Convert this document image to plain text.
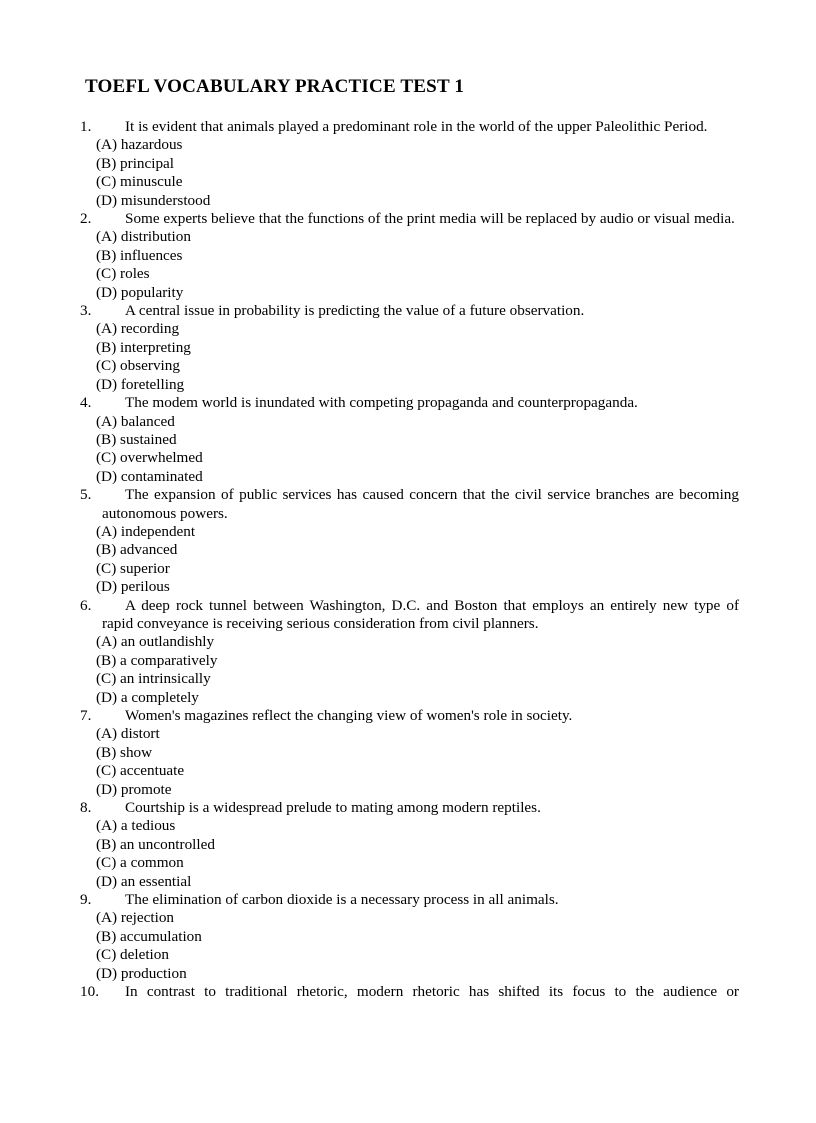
TOEFL VOCABULARY PRACTICE TEST 1
1.	It is evident that animals played a predominant role in the world of the upper Paleolithic Period.
(A) hazardous
(B) principal
(C) minuscule
(D) misunderstood
2.	Some experts believe that the functions of the print media will be replaced by audio or visual media.
(A) distribution
(B) influences
(C) roles
(D) popularity
3.	A central issue in probability is predicting the value of a future observation.
(A) recording
(B) interpreting
(C) observing
(D) foretelling
4.	The modem world is inundated with competing propaganda and counterpropaganda.
(A) balanced
(B) sustained
(C) overwhelmed
(D) contaminated
5.	The expansion of public services has caused concern that the civil service branches are becoming autonomous powers.
(A) independent
(B) advanced
(C) superior
(D) perilous
6.	A deep rock tunnel between Washington, D.C. and Boston that employs an entirely new type of rapid conveyance is receiving serious consideration from civil planners.
(A) an outlandishly
(B) a comparatively
(C) an intrinsically
(D) a completely
7.	Women's magazines reflect the changing view of women's role in society.
(A) distort
(B) show
(C) accentuate
(D) promote
8.	Courtship is a widespread prelude to mating among modern reptiles.
(A) a tedious
(B) an uncontrolled
(C) a common
(D) an essential
9.	The elimination of carbon dioxide is a necessary process in all animals.
(A) rejection
(B) accumulation
(C) deletion
(D) production
10.	In contrast to traditional rhetoric, modern rhetoric has shifted its focus to the audience or
